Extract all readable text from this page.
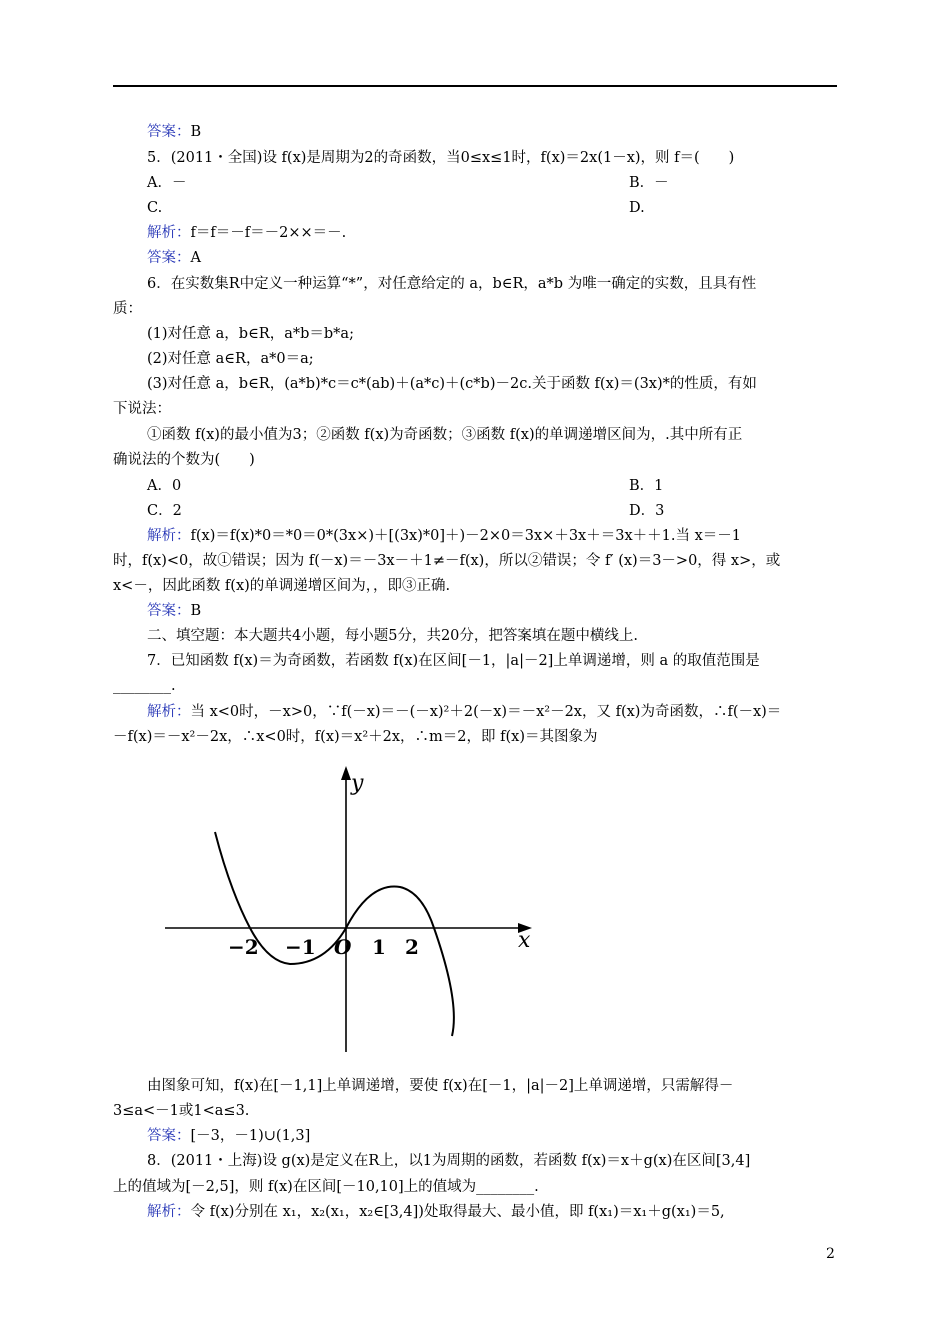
答案：B
5．(2011・全国)设 f(x)是周期为2的奇函数，当0≤x≤1时，f(x)＝2x(1－x)，则 f＝(　　)
A．－	B．－
C.	D.
解析：f＝f＝－f＝－2××＝－.
答案：A
6．在实数集R中定义一种运算“*”，对任意给定的 a，b∈R，a*b 为唯一确定的实数，且具有性
质：
(1)对任意 a，b∈R，a*b＝b*a;
(2)对任意 a∈R，a*0＝a;
(3)对任意 a，b∈R，(a*b)*c＝c*(ab)＋(a*c)＋(c*b)－2c.关于函数 f(x)＝(3x)*的性质，有如
下说法：
①函数 f(x)的最小值为3；②函数 f(x)为奇函数；③函数 f(x)的单调递增区间为，.其中所有正
确说法的个数为(　　)
A．0	B．1
C．2	D．3
解析：f(x)＝f(x)*0＝*0＝0*(3x×)＋[(3x)*0]＋)－2×0＝3x×＋3x＋＝3x＋＋1.当 x＝－1
时，f(x)<0，故①错误；因为 f(－x)＝－3x－＋1≠－f(x)，所以②错误；令 f′ (x)＝3－>0，得 x>，或
x<－，因此函数 f(x)的单调递增区间为，，即③正确.
答案：B
二、填空题：本大题共4小题，每小题5分，共20分，把答案填在题中横线上.
7．已知函数 f(x)＝为奇函数，若函数 f(x)在区间[－1，|a|－2]上单调递增，则 a 的取值范围是
________.
解析：当 x<0时，－x>0，∵f(－x)＝－(－x)²＋2(－x)＝－x²－2x，又 f(x)为奇函数，∴f(－x)＝
－f(x)＝－x²－2x，∴x<0时，f(x)＝x²＋2x，∴m＝2，即 f(x)＝其图象为
y
x
O
−2 −1	1 2
由图象可知，f(x)在[－1,1]上单调递增，要使 f(x)在[－1，|a|－2]上单调递增，只需解得－
3≤a<－1或1<a≤3.
答案：[－3，－1)∪(1,3]
8．(2011・上海)设 g(x)是定义在R上，以1为周期的函数，若函数 f(x)＝x＋g(x)在区间[3,4]
上的值域为[－2,5]，则 f(x)在区间[－10,10]上的值域为________.
解析：令 f(x)分别在 x₁，x₂(x₁，x₂∈[3,4])处取得最大、最小值，即 f(x₁)＝x₁＋g(x₁)＝5,
2
